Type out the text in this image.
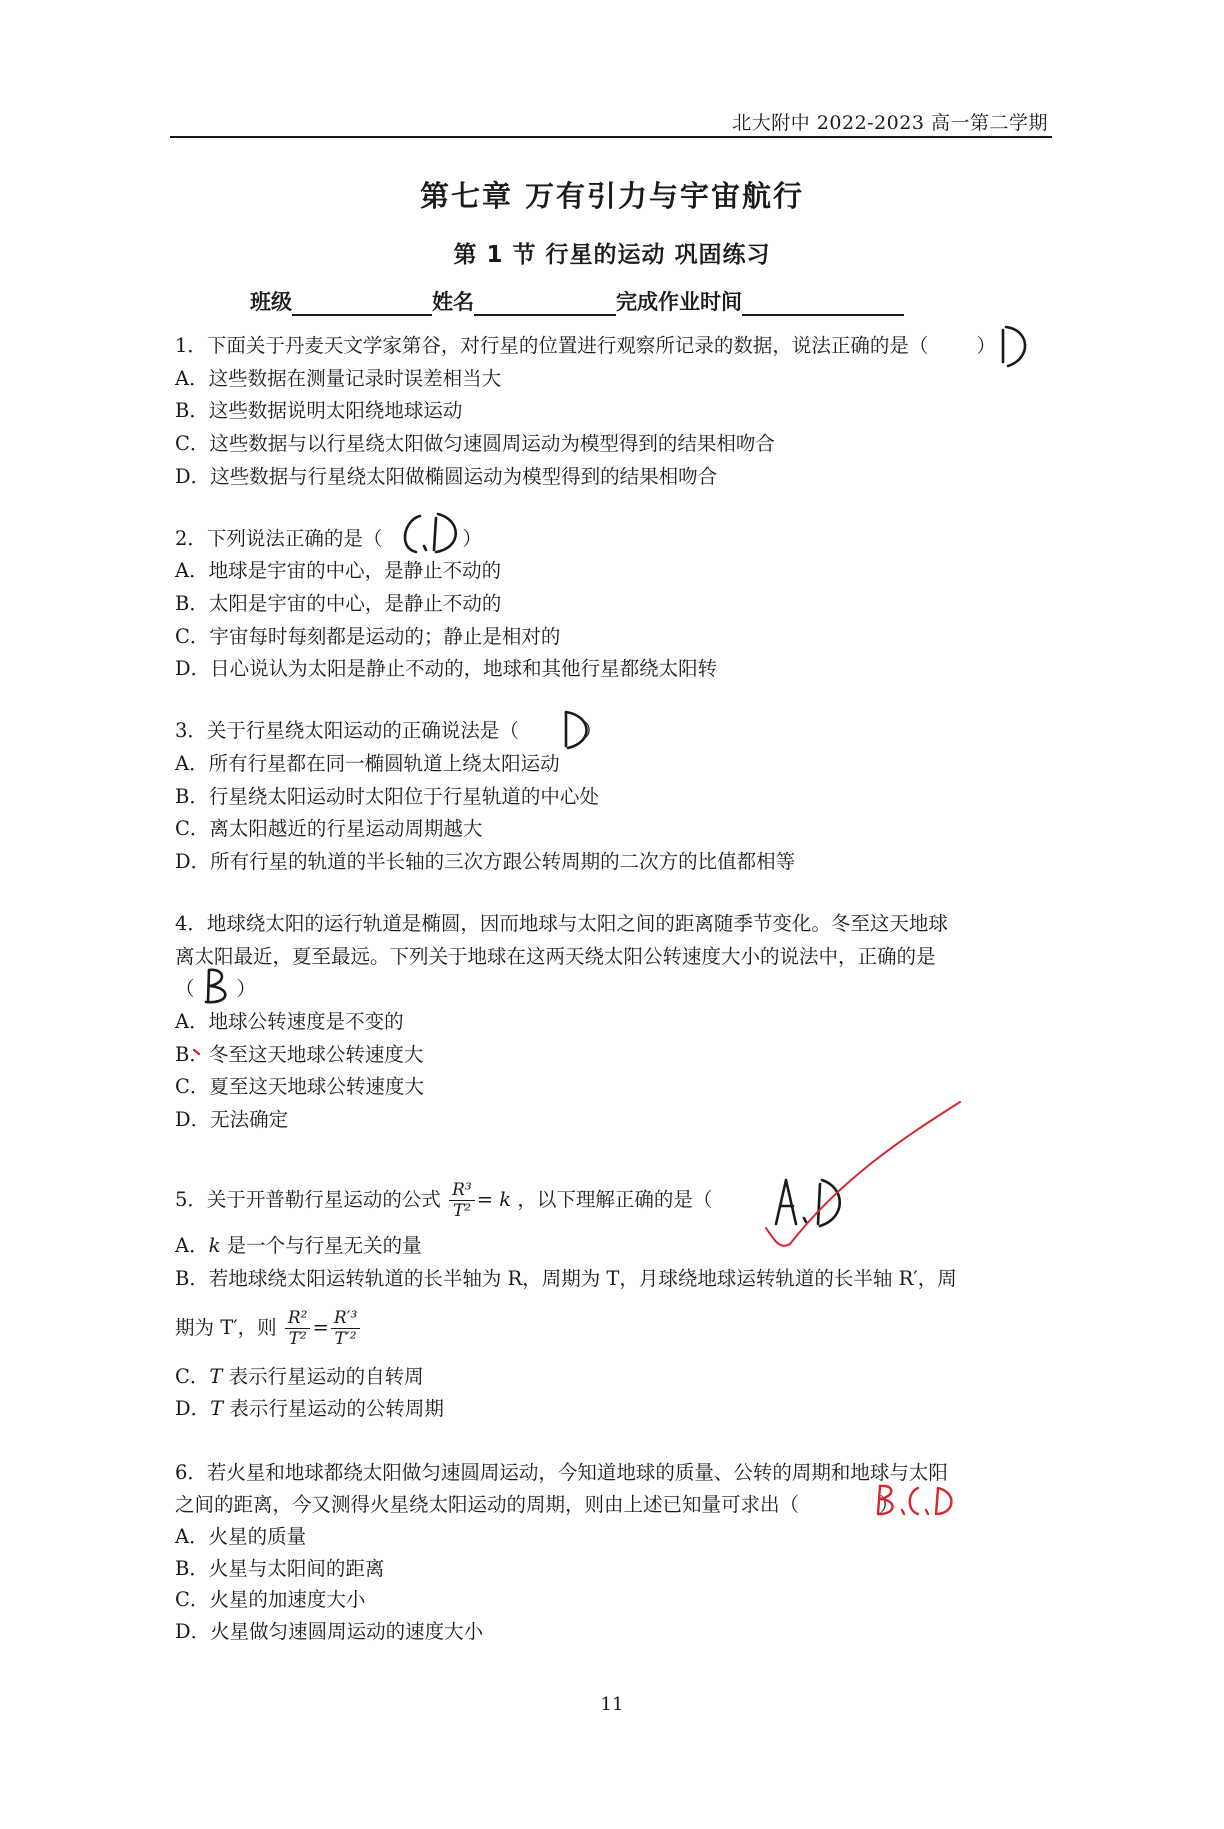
北大附中 2022-2023 高一第二学期
第七章 万有引力与宇宙航行
第 1 节 行星的运动 巩固练习
班级	姓名	完成作业时间
1．下面关于丹麦天文学家第谷，对行星的位置进行观察所记录的数据，说法正确的是（ ）
A．这些数据在测量记录时误差相当大
B．这些数据说明太阳绕地球运动
C．这些数据与以行星绕太阳做匀速圆周运动为模型得到的结果相吻合
D．这些数据与行星绕太阳做椭圆运动为模型得到的结果相吻合
2．下列说法正确的是（	）
A．地球是宇宙的中心，是静止不动的
B．太阳是宇宙的中心，是静止不动的
C．宇宙每时每刻都是运动的；静止是相对的
D．日心说认为太阳是静止不动的，地球和其他行星都绕太阳转
3．关于行星绕太阳运动的正确说法是（	）
A．所有行星都在同一椭圆轨道上绕太阳运动
B．行星绕太阳运动时太阳位于行星轨道的中心处
C．离太阳越近的行星运动周期越大
D．所有行星的轨道的半长轴的三次方跟公转周期的二次方的比值都相等
4．地球绕太阳的运行轨道是椭圆，因而地球与太阳之间的距离随季节变化。冬至这天地球
离太阳最近，夏至最远。下列关于地球在这两天绕太阳公转速度大小的说法中，正确的是
（ ）
A．地球公转速度是不变的
B．冬至这天地球公转速度大
C．夏至这天地球公转速度大
D．无法确定
5．关于开普勒行星运动的公式 $\frac{\text{R³}}{\text{T²}} = k$ ，以下理解正确的是（
A．k 是一个与行星无关的量
B．若地球绕太阳运转轨道的长半轴为 R，周期为 T，月球绕地球运转轨道的长半轴 R′，周
期为 T′，则 $\frac{\text{R²}}{\text{T²}} = \frac{\text{R′³}}{\text{T′²}}$
C．T 表示行星运动的自转周
D．T 表示行星运动的公转周期
6．若火星和地球都绕太阳做匀速圆周运动，今知道地球的质量、公转的周期和地球与太阳
之间的距离，今又测得火星绕太阳运动的周期，则由上述已知量可求出（	）
A．火星的质量
B．火星与太阳间的距离
C．火星的加速度大小
D．火星做匀速圆周运动的速度大小
11
